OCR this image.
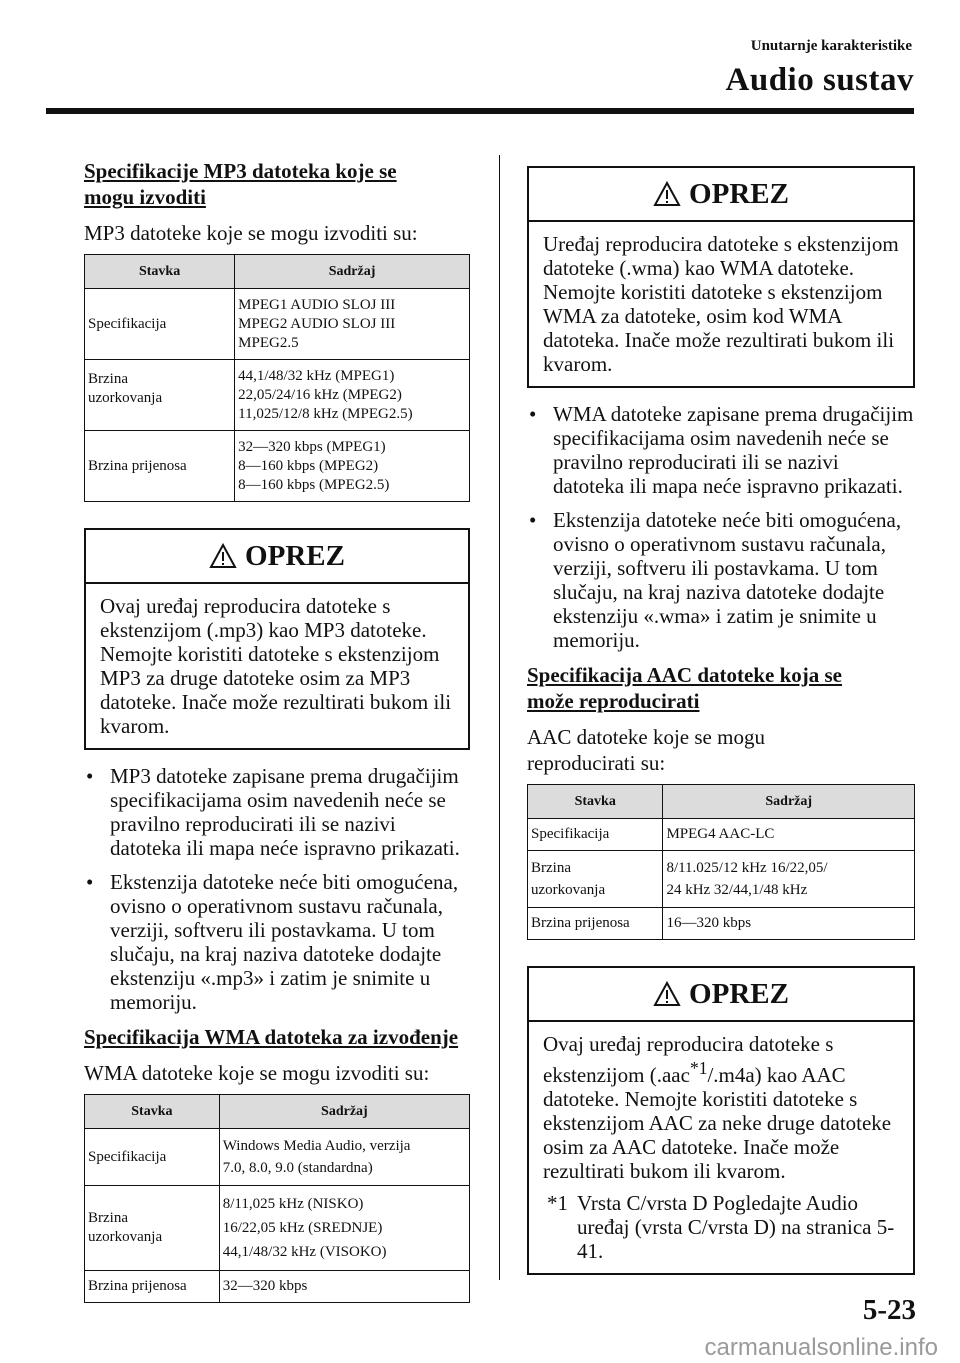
Unutarnje karakteristike
Audio sustav
Specifikacije MP3 datoteka koje se
mogu izvoditi

MP3 datoteke koje se mogu izvoditi su:

Stavka	Sadržaj
Specifikacija	MPEG1 AUDIO SLOJ III
MPEG2 AUDIO SLOJ III
MPEG2.5
Brzina
uzorkovanja	44,1/48/32 kHz (MPEG1)
22,05/24/16 kHz (MPEG2)
11,025/12/8 kHz (MPEG2.5)
Brzina prijenosa	32—320 kbps (MPEG1)
8—160 kbps (MPEG2)
8—160 kbps (MPEG2.5)
OPREZ
Ovaj uređaj reproducira datoteke s ekstenzijom (.mp3) kao MP3 datoteke. Nemojte koristiti datoteke s ekstenzijom MP3 za druge datoteke osim za MP3 datoteke. Inače može rezultirati bukom ili kvarom.
• MP3 datoteke zapisane prema drugačijim specifikacijama osim navedenih neće se pravilno reproducirati ili se nazivi datoteka ili mapa neće ispravno prikazati.
• Ekstenzija datoteke neće biti omogućena, ovisno o operativnom sustavu računala, verziji, softveru ili postavkama. U tom slučaju, na kraj naziva datoteke dodajte ekstenziju «.mp3» i zatim je snimite u memoriju.
Specifikacija WMA datoteka za izvođenje

WMA datoteke koje se mogu izvoditi su:

Stavka	Sadržaj
Specifikacija	Windows Media Audio, verzija
7.0, 8.0, 9.0 (standardna)
Brzina
uzorkovanja	8/11,025 kHz (NISKO)
16/22,05 kHz (SREDNJE)
44,1/48/32 kHz (VISOKO)
Brzina prijenosa	32—320 kbps
OPREZ
Uređaj reproducira datoteke s ekstenzijom datoteke (.wma) kao WMA datoteke. Nemojte koristiti datoteke s ekstenzijom WMA za datoteke, osim kod WMA datoteka. Inače može rezultirati bukom ili kvarom.
• WMA datoteke zapisane prema drugačijim specifikacijama osim navedenih neće se pravilno reproducirati ili se nazivi datoteka ili mapa neće ispravno prikazati.
• Ekstenzija datoteke neće biti omogućena, ovisno o operativnom sustavu računala, verziji, softveru ili postavkama. U tom slučaju, na kraj naziva datoteke dodajte ekstenziju «.wma» i zatim je snimite u memoriju.
Specifikacija AAC datoteke koja se
može reproducirati

AAC datoteke koje se mogu
reproducirati su:

Stavka	Sadržaj
Specifikacija	MPEG4 AAC-LC
Brzina
uzorkovanja	8/11.025/12 kHz 16/22,05/
24 kHz 32/44,1/48 kHz
Brzina prijenosa	16—320 kbps
OPREZ
Ovaj uređaj reproducira datoteke s ekstenzijom (.aac$^{*1}$/.m4a) kao AAC datoteke. Nemojte koristiti datoteke s ekstenzijom AAC za neke druge datoteke osim za AAC datoteke. Inače može rezultirati bukom ili kvarom.
*1 Vrsta C/vrsta D Pogledajte Audio uređaj (vrsta C/vrsta D) na stranica 5-41.
5-23
carmanualsonline.info
